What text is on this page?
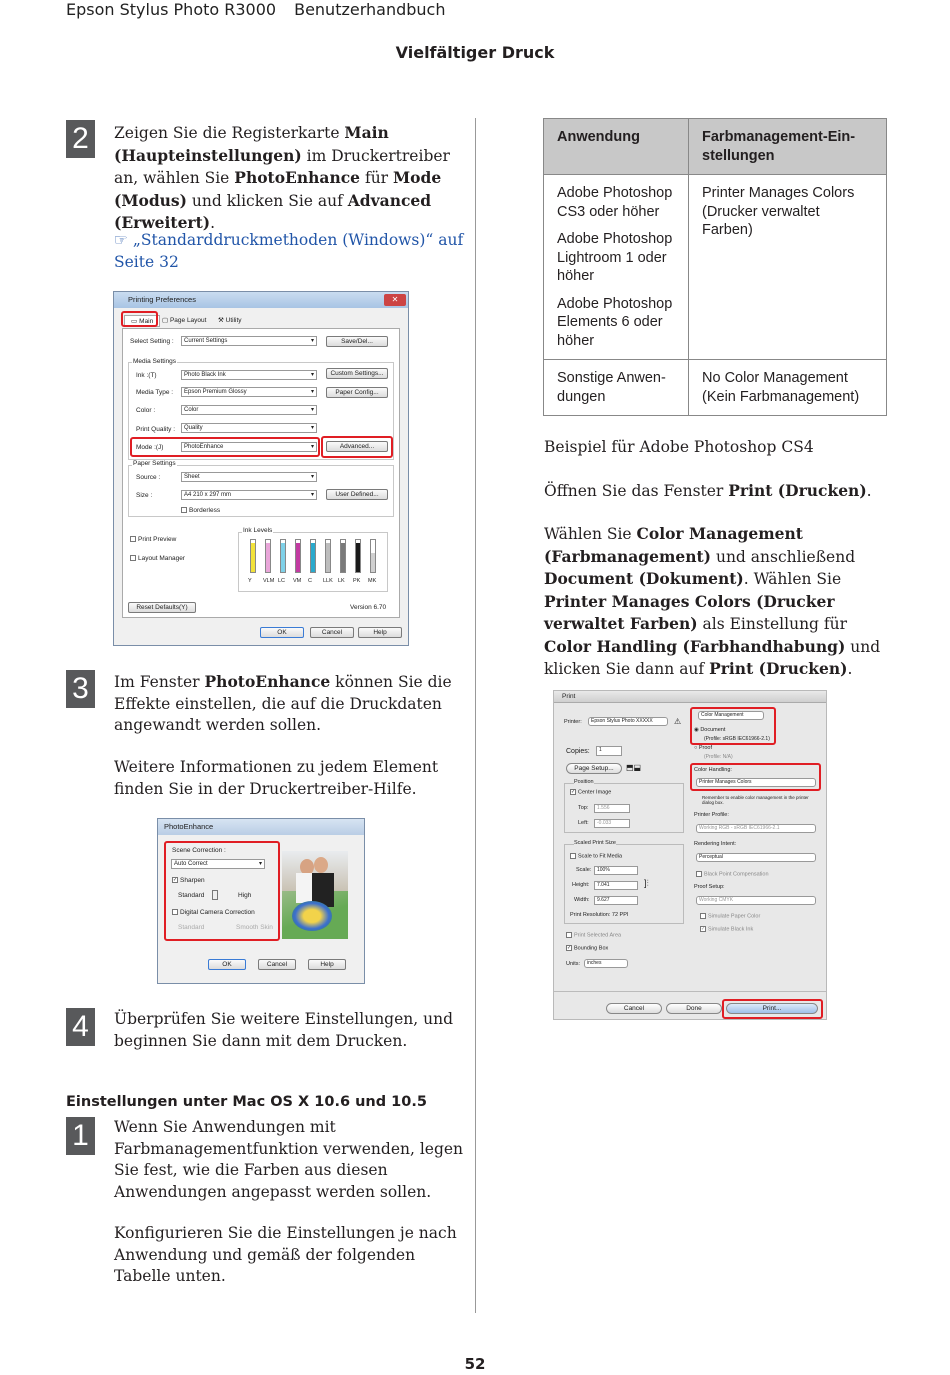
Epson Stylus Photo R3000 Benutzerhandbuch
Vielfältiger Druck
2	Zeigen Sie die Registerkarte Main (Haupteinstellungen) im Druckertreiber an, wählen Sie PhotoEnhance für Mode (Modus) und klicken Sie auf Advanced (Erweitert).
☞ „Standarddruckmethoden (Windows)“ auf Seite 32
Printing Preferences	✕
▭ Main	▢ Page Layout ⚒ Utility
Select Setting :	Current Settings ▾	Save/Del...
Media Settings
Ink :(T)	Photo Black Ink ▾	Custom Settings...
Media Type :	Epson Premium Glossy ▾	Paper Config...
Color :	Color ▾
Print Quality :	Quality ▾
Mode :(J)	PhotoEnhance ▾	Advanced...
Paper Settings
Source :	Sheet ▾
Size :	A4 210 x 297 mm ▾	User Defined...
Borderless
Print Preview
Layout Manager
Ink Levels
Reset Defaults(Y)	Version 6.70
OK	Cancel	Help
Y VLM LC VM C LLK LK PK MK
3	Im Fenster PhotoEnhance können Sie die Effekte einstellen, die auf die Druckdaten angewandt werden sollen.
Weitere Informationen zu jedem Element finden Sie in der Druckertreiber-Hilfe.
PhotoEnhance
Scene Correction :
Auto Correct ▾
✓ Sharpen
Standard	High
Digital Camera Correction
Standard	Smooth Skin
OK	Cancel	Help
4	Überprüfen Sie weitere Einstellungen, und beginnen Sie dann mit dem Drucken.
Einstellungen unter Mac OS X 10.6 und 10.5
1	Wenn Sie Anwendungen mit Farbmanagementfunktion verwenden, legen Sie fest, wie die Farben aus diesen Anwendungen angepasst werden sollen.
Konfigurieren Sie die Einstellungen je nach Anwendung und gemäß der folgenden Tabelle unten.
Anwendung	Farbmanagement-Ein-stellungen

Adobe Photoshop CS3 oder höher
Adobe Photoshop Lightroom 1 oder höher
Adobe Photoshop Elements 6 oder höher	Printer Manages Colors (Drucker verwaltet Farben)
Sonstige Anwen-dungen	No Color Management (Kein Farbmanagement)
Beispiel für Adobe Photoshop CS4
Öffnen Sie das Fenster Print (Drucken).
Wählen Sie Color Management (Farbmanagement) und anschließend Document (Dokument). Wählen Sie Printer Manages Colors (Drucker verwaltet Farben) als Einstellung für Color Handling (Farbhandhabung) und klicken Sie dann auf Print (Drucken).
Print
Printer:	Epson Stylus Photo XXXXX	⚠
Copies:	1
Page Setup...	⬒⬓
Position
✓ Center Image
Top:	1.556
Left:	-0.033
Scaled Print Size
Scale to Fit Media
Scale:	100%
Height:	7.041	]⫶
Width:	9.627
Print Resolution: 72 PPI
Print Selected Area
✓ Bounding Box
Units:	inches
Color Management
◉ Document
(Profile: sRGB IEC61966-2.1)
○ Proof
(Profile: N/A)
Color Handling:
Printer Manages Colors
Remember to enable color management in the printer dialog box.
Printer Profile:
Working RGB - sRGB IEC61966-2.1
Rendering Intent:
Perceptual
Black Point Compensation
Proof Setup:
Working CMYK
Simulate Paper Color
✓ Simulate Black Ink
Cancel	Done	Print...
52
